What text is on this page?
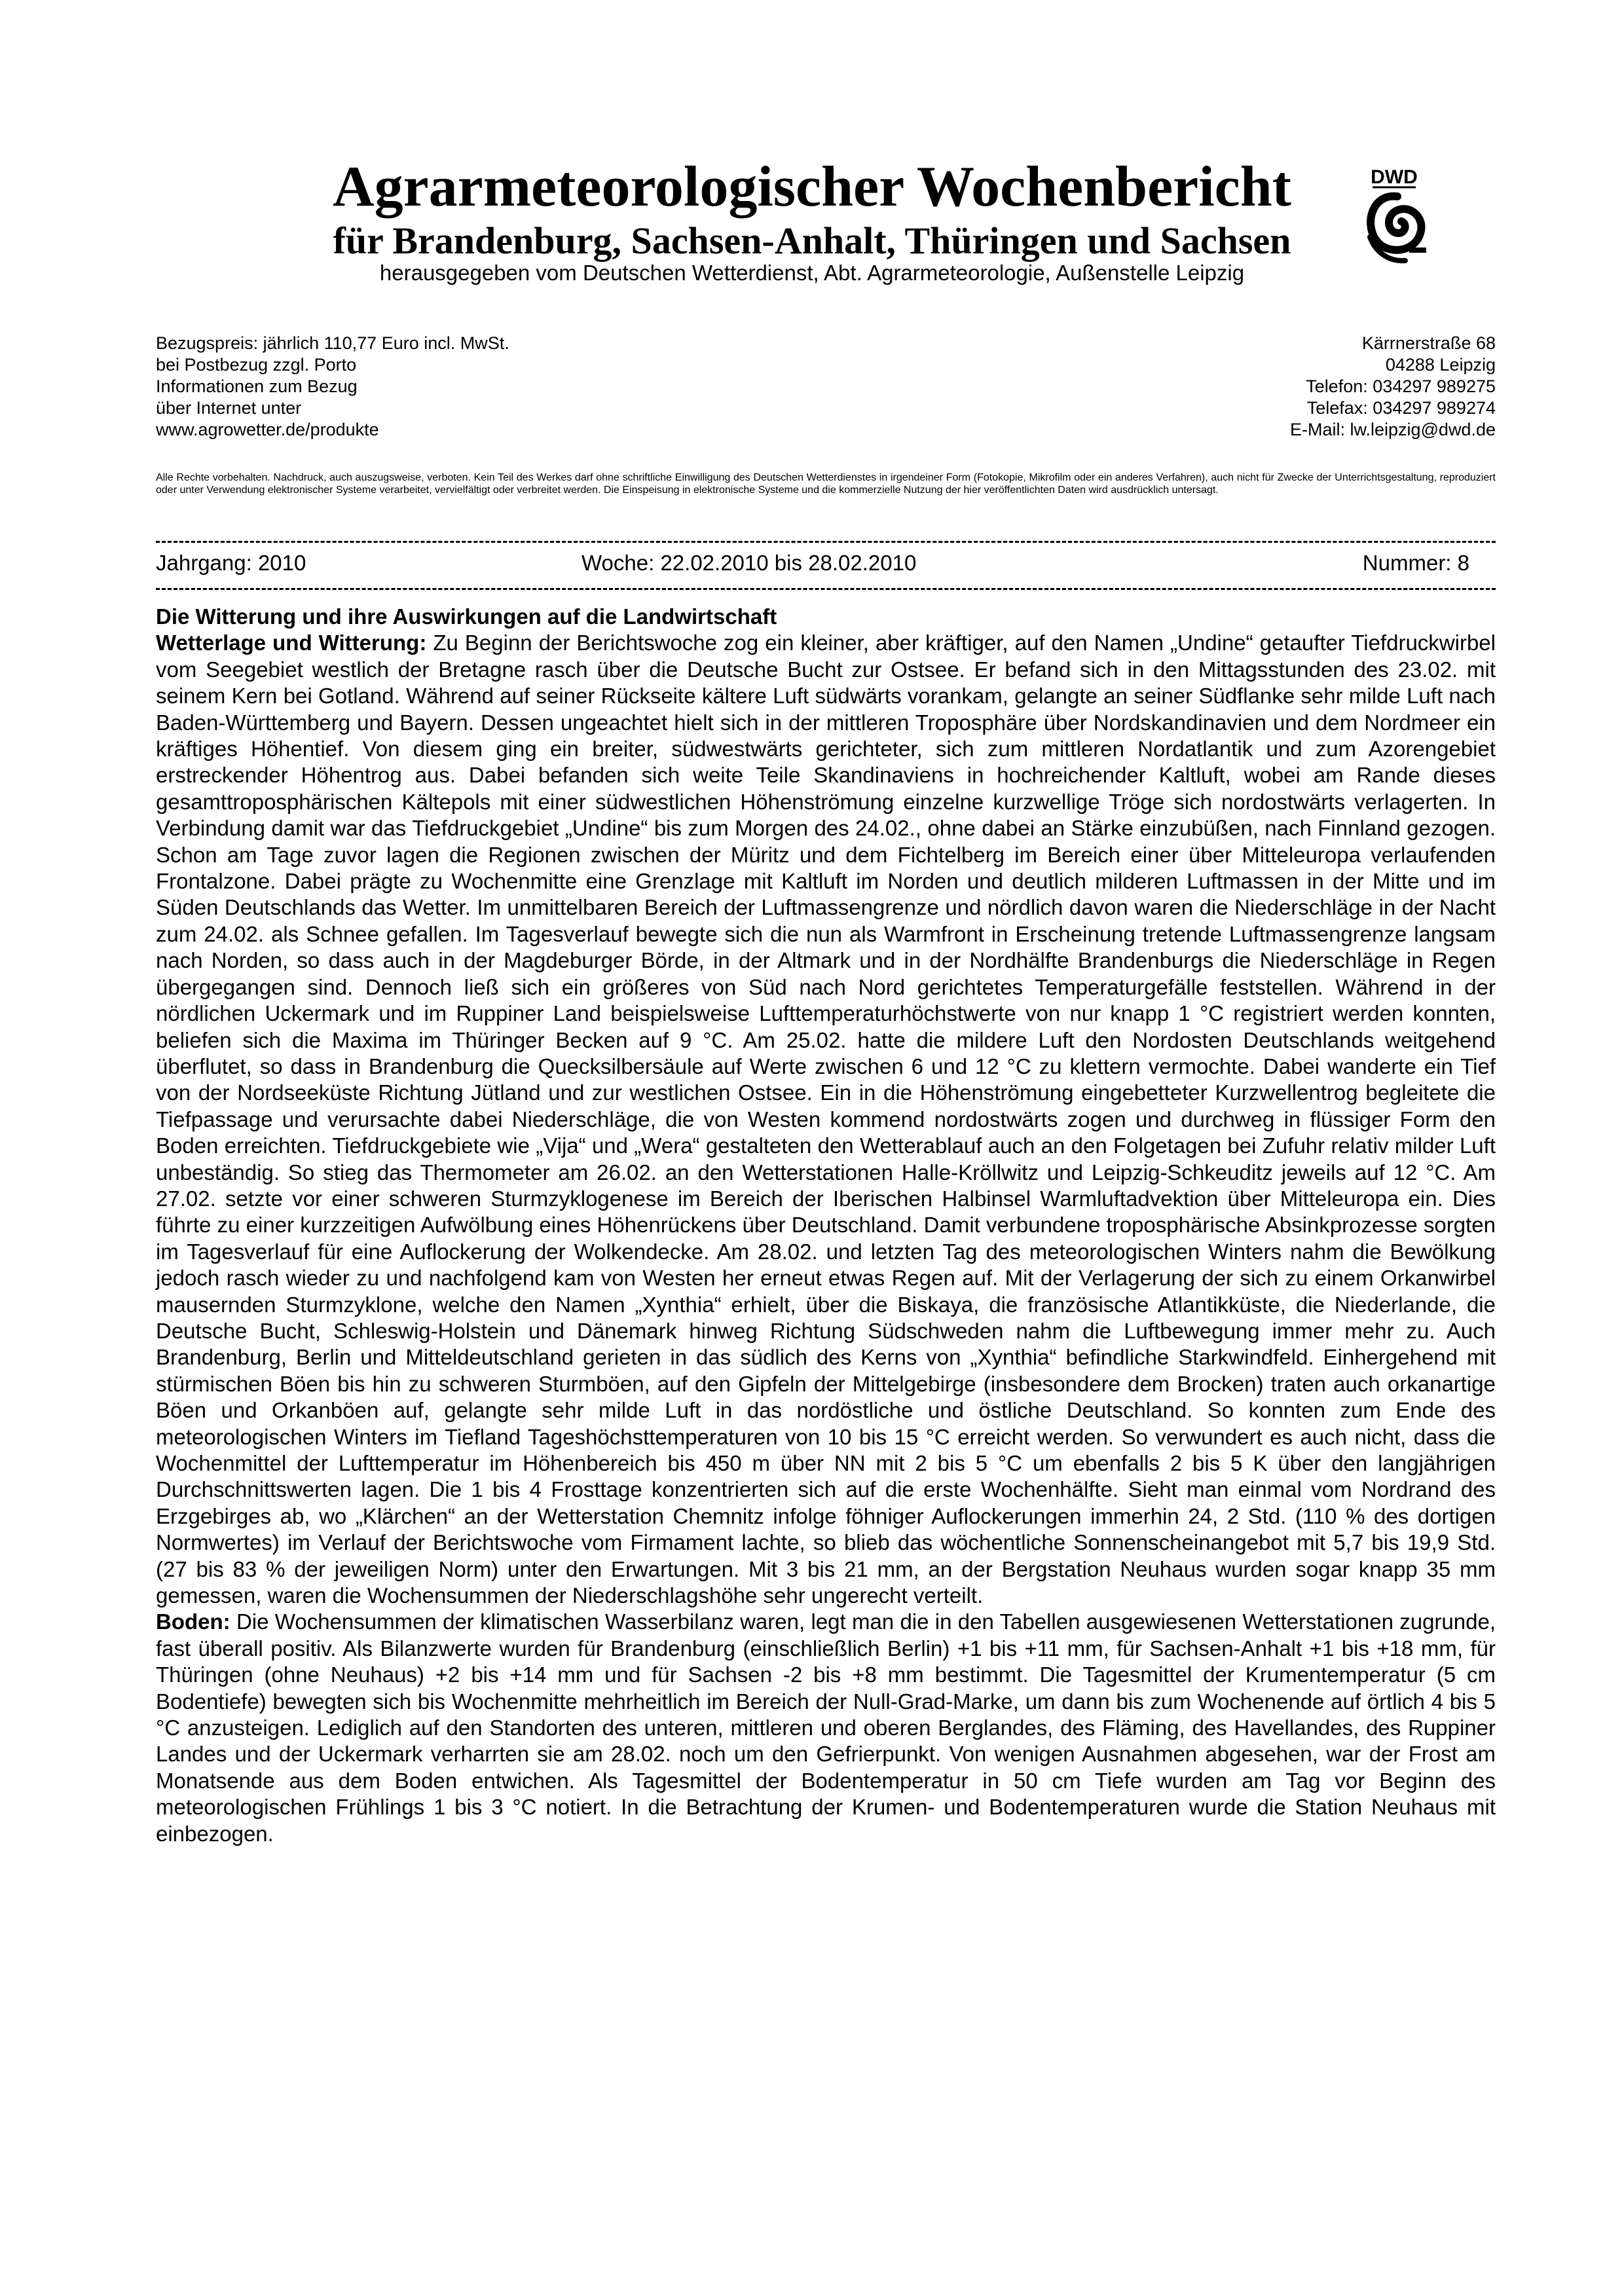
Agrarmeteorologischer Wochenbericht
für Brandenburg, Sachsen-Anhalt, Thüringen und Sachsen
herausgegeben vom Deutschen Wetterdienst, Abt. Agrarmeteorologie, Außenstelle Leipzig
DWD
Bezugspreis: jährlich 110,77 Euro incl. MwSt.
bei Postbezug zzgl. Porto
Informationen zum Bezug
über Internet unter
www.agrowetter.de/produkte
Kärrnerstraße 68
04288 Leipzig
Telefon: 034297 989275
Telefax: 034297 989274
E-Mail: lw.leipzig@dwd.de
Alle Rechte vorbehalten. Nachdruck, auch auszugsweise, verboten. Kein Teil des Werkes darf ohne schriftliche Einwilligung des Deutschen Wetterdienstes in irgendeiner Form (Fotokopie, Mikrofilm oder ein anderes Verfahren), auch nicht für Zwecke der Unterrichtsgestaltung, reproduziert oder unter Verwendung elektronischer Systeme verarbeitet, vervielfältigt oder verbreitet werden. Die Einspeisung in elektronische Systeme und die kommerzielle Nutzung der hier veröffentlichten Daten wird ausdrücklich untersagt.
Jahrgang: 2010	Woche: 22.02.2010 bis 28.02.2010	Nummer: 8
Die Witterung und ihre Auswirkungen auf die Landwirtschaft

Wetterlage und Witterung: Zu Beginn der Berichtswoche zog ein kleiner, aber kräftiger, auf den Namen „Undine“ getaufter Tiefdruckwirbel vom Seegebiet westlich der Bretagne rasch über die Deutsche Bucht zur Ostsee. Er befand sich in den Mittagsstunden des 23.02. mit seinem Kern bei Gotland. Während auf seiner Rückseite kältere Luft südwärts vorankam, gelangte an seiner Südflanke sehr milde Luft nach Baden-Württemberg und Bayern. Dessen ungeachtet hielt sich in der mittleren Troposphäre über Nordskandinavien und dem Nordmeer ein kräftiges Höhentief. Von diesem ging ein breiter, südwestwärts gerichteter, sich zum mittleren Nordatlantik und zum Azorengebiet erstreckender Höhentrog aus. Dabei befanden sich weite Teile Skandinaviens in hochreichender Kaltluft, wobei am Rande dieses gesamttroposphärischen Kältepols mit einer südwestlichen Höhenströmung einzelne kurzwellige Tröge sich nordostwärts verlagerten. In Verbindung damit war das Tiefdruckgebiet „Undine“ bis zum Morgen des 24.02., ohne dabei an Stärke einzubüßen, nach Finnland gezogen. Schon am Tage zuvor lagen die Regionen zwischen der Müritz und dem Fichtelberg im Bereich einer über Mitteleuropa verlaufenden Frontalzone. Dabei prägte zu Wochenmitte eine Grenzlage mit Kaltluft im Norden und deutlich milderen Luftmassen in der Mitte und im Süden Deutschlands das Wetter. Im unmittelbaren Bereich der Luftmassengrenze und nördlich davon waren die Niederschläge in der Nacht zum 24.02. als Schnee gefallen. Im Tagesverlauf bewegte sich die nun als Warmfront in Erscheinung tretende Luftmassengrenze langsam nach Norden, so dass auch in der Magdeburger Börde, in der Altmark und in der Nordhälfte Brandenburgs die Niederschläge in Regen übergegangen sind. Dennoch ließ sich ein größeres von Süd nach Nord gerichtetes Temperaturgefälle feststellen. Während in der nördlichen Uckermark und im Ruppiner Land beispielsweise Lufttemperaturhöchstwerte von nur knapp 1 °C registriert werden konnten, beliefen sich die Maxima im Thüringer Becken auf 9 °C. Am 25.02. hatte die mildere Luft den Nordosten Deutschlands weitgehend überflutet, so dass in Brandenburg die Quecksilbersäule auf Werte zwischen 6 und 12 °C zu klettern vermochte. Dabei wanderte ein Tief von der Nordseeküste Richtung Jütland und zur westlichen Ostsee. Ein in die Höhenströmung eingebetteter Kurzwellentrog begleitete die Tiefpassage und verursachte dabei Niederschläge, die von Westen kommend nordostwärts zogen und durchweg in flüssiger Form den Boden erreichten. Tiefdruckgebiete wie „Vija“ und „Wera“ gestalteten den Wetterablauf auch an den Folgetagen bei Zufuhr relativ milder Luft unbeständig. So stieg das Thermometer am 26.02. an den Wetterstationen Halle-Kröllwitz und Leipzig-Schkeuditz jeweils auf 12 °C. Am 27.02. setzte vor einer schweren Sturmzyklogenese im Bereich der Iberischen Halbinsel Warmluftadvektion über Mitteleuropa ein. Dies führte zu einer kurzzeitigen Aufwölbung eines Höhenrückens über Deutschland. Damit verbundene troposphärische Absinkprozesse sorgten im Tagesverlauf für eine Auflockerung der Wolkendecke. Am 28.02. und letzten Tag des meteorologischen Winters nahm die Bewölkung jedoch rasch wieder zu und nachfolgend kam von Westen her erneut etwas Regen auf. Mit der Verlagerung der sich zu einem Orkanwirbel mausernden Sturmzyklone, welche den Namen „Xynthia“ erhielt, über die Biskaya, die französische Atlantikküste, die Niederlande, die Deutsche Bucht, Schleswig-Holstein und Dänemark hinweg Richtung Südschweden nahm die Luftbewegung immer mehr zu. Auch Brandenburg, Berlin und Mitteldeutschland gerieten in das südlich des Kerns von „Xynthia“ befindliche Starkwindfeld. Einhergehend mit stürmischen Böen bis hin zu schweren Sturmböen, auf den Gipfeln der Mittelgebirge (insbesondere dem Brocken) traten auch orkanartige Böen und Orkanböen auf, gelangte sehr milde Luft in das nordöstliche und östliche Deutschland. So konnten zum Ende des meteorologischen Winters im Tiefland Tageshöchsttemperaturen von 10 bis 15 °C erreicht werden. So verwundert es auch nicht, dass die Wochenmittel der Lufttemperatur im Höhenbereich bis 450 m über NN mit 2 bis 5 °C um ebenfalls 2 bis 5 K über den langjährigen Durchschnittswerten lagen. Die 1 bis 4 Frosttage konzentrierten sich auf die erste Wochenhälfte. Sieht man einmal vom Nordrand des Erzgebirges ab, wo „Klärchen“ an der Wetterstation Chemnitz infolge föhniger Auflockerungen immerhin 24, 2 Std. (110 % des dortigen Normwertes) im Verlauf der Berichtswoche vom Firmament lachte, so blieb das wöchentliche Sonnenscheinangebot mit 5,7 bis 19,9 Std. (27 bis 83 % der jeweiligen Norm) unter den Erwartungen. Mit 3 bis 21 mm, an der Bergstation Neuhaus wurden sogar knapp 35 mm gemessen, waren die Wochensummen der Niederschlagshöhe sehr ungerecht verteilt.

Boden: Die Wochensummen der klimatischen Wasserbilanz waren, legt man die in den Tabellen ausgewiesenen Wetterstationen zugrunde, fast überall positiv. Als Bilanzwerte wurden für Brandenburg (einschließlich Berlin) +1 bis +11 mm, für Sachsen-Anhalt +1 bis +18 mm, für Thüringen (ohne Neuhaus) +2 bis +14 mm und für Sachsen -2 bis +8 mm bestimmt. Die Tagesmittel der Krumentemperatur (5 cm Bodentiefe) bewegten sich bis Wochenmitte mehrheitlich im Bereich der Null-Grad-Marke, um dann bis zum Wochenende auf örtlich 4 bis 5 °C anzusteigen. Lediglich auf den Standorten des unteren, mittleren und oberen Berglandes, des Fläming, des Havellandes, des Ruppiner Landes und der Uckermark verharrten sie am 28.02. noch um den Gefrierpunkt. Von wenigen Ausnahmen abgesehen, war der Frost am Monatsende aus dem Boden entwichen. Als Tagesmittel der Bodentemperatur in 50 cm Tiefe wurden am Tag vor Beginn des meteorologischen Frühlings 1 bis 3 °C notiert. In die Betrachtung der Krumen- und Bodentemperaturen wurde die Station Neuhaus mit einbezogen.
